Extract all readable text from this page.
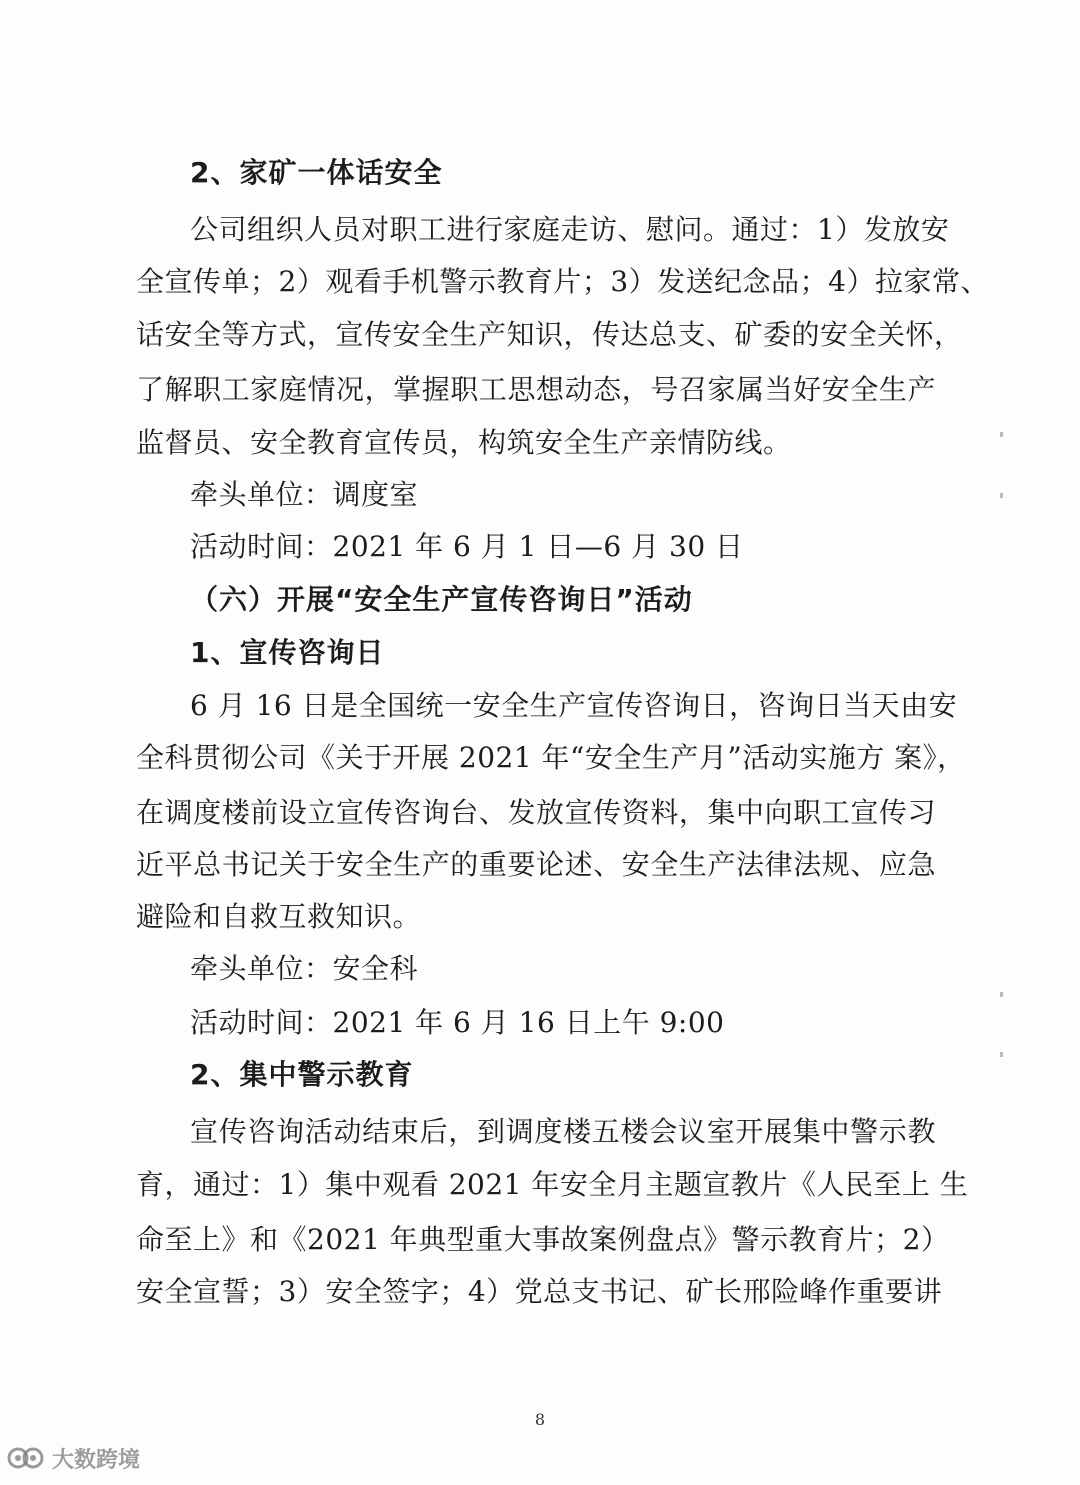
2、家矿一体话安全
公司组织人员对职工进行家庭走访、慰问。通过：1）发放安
全宣传单；2）观看手机警示教育片；3）发送纪念品；4）拉家常、
话安全等方式，宣传安全生产知识，传达总支、矿委的安全关怀，
了解职工家庭情况，掌握职工思想动态，号召家属当好安全生产
监督员、安全教育宣传员，构筑安全生产亲情防线。
牵头单位：调度室
活动时间：2021 年 6 月 1 日—6 月 30 日
（六）开展“安全生产宣传咨询日”活动
1、宣传咨询日
6 月 16 日是全国统一安全生产宣传咨询日，咨询日当天由安
全科贯彻公司《关于开展 2021 年“安全生产月”活动实施方 案》，
在调度楼前设立宣传咨询台、发放宣传资料，集中向职工宣传习
近平总书记关于安全生产的重要论述、安全生产法律法规、应急
避险和自救互救知识。
牵头单位：安全科
活动时间：2021 年 6 月 16 日上午 9:00
2、集中警示教育
宣传咨询活动结束后，到调度楼五楼会议室开展集中警示教
育，通过：1）集中观看 2021 年安全月主题宣教片《人民至上 生
命至上》和《2021 年典型重大事故案例盘点》警示教育片；2）
安全宣誓；3）安全签字；4）党总支书记、矿长邢险峰作重要讲
8
大数跨境
